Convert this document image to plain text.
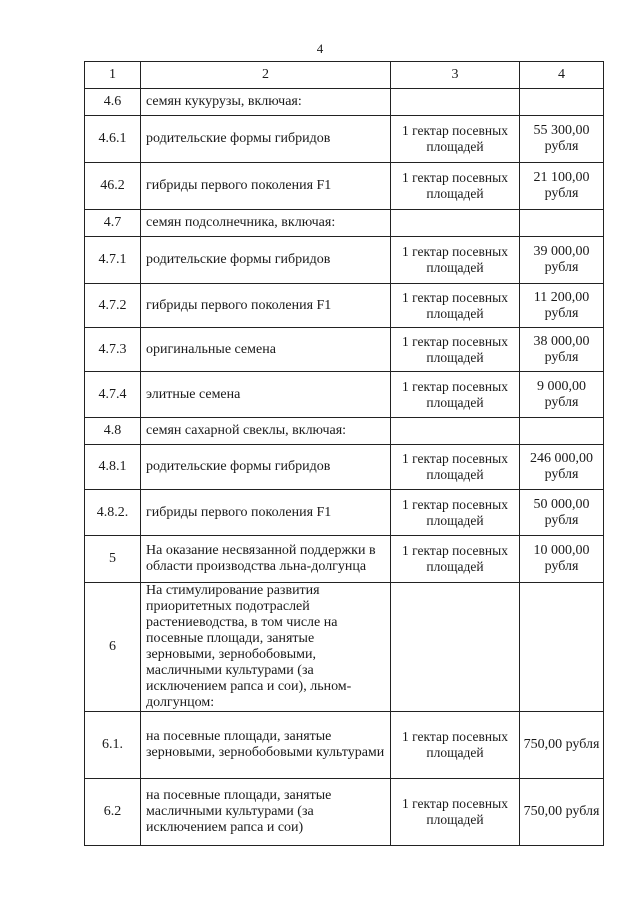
4
1	2	3	4
4.6	семян кукурузы, включая:		
4.6.1	родительские формы гибридов	1 гектар посевных площадей	55 300,00 рубля
46.2	гибриды первого поколения F1	1 гектар посевных площадей	21 100,00 рубля
4.7	семян подсолнечника, включая:		
4.7.1	родительские формы гибридов	1 гектар посевных площадей	39 000,00 рубля
4.7.2	гибриды первого поколения F1	1 гектар посевных площадей	11 200,00 рубля
4.7.3	оригинальные семена	1 гектар посевных площадей	38 000,00 рубля
4.7.4	элитные семена	1 гектар посевных площадей	9 000,00 рубля
4.8	семян сахарной свеклы, включая:		
4.8.1	родительские формы гибридов	1 гектар посевных площадей	246 000,00 рубля
4.8.2.	гибриды первого поколения F1	1 гектар посевных площадей	50 000,00 рубля
5	На оказание несвязанной поддержки в области производства льна-долгунца	1 гектар посевных площадей	10 000,00 рубля
6	На стимулирование развития приоритетных подотраслей растениеводства, в том числе на посевные площади, занятые зерновыми, зернобобовыми, масличными культурами (за исключением рапса и сои), льном-долгунцом:		
6.1.	на посевные площади, занятые зерновыми, зернобобовыми культурами	1 гектар посевных площадей	750,00 рубля
6.2	на посевные площади, занятые масличными культурами (за исключением рапса и сои)	1 гектар посевных площадей	750,00 рубля
